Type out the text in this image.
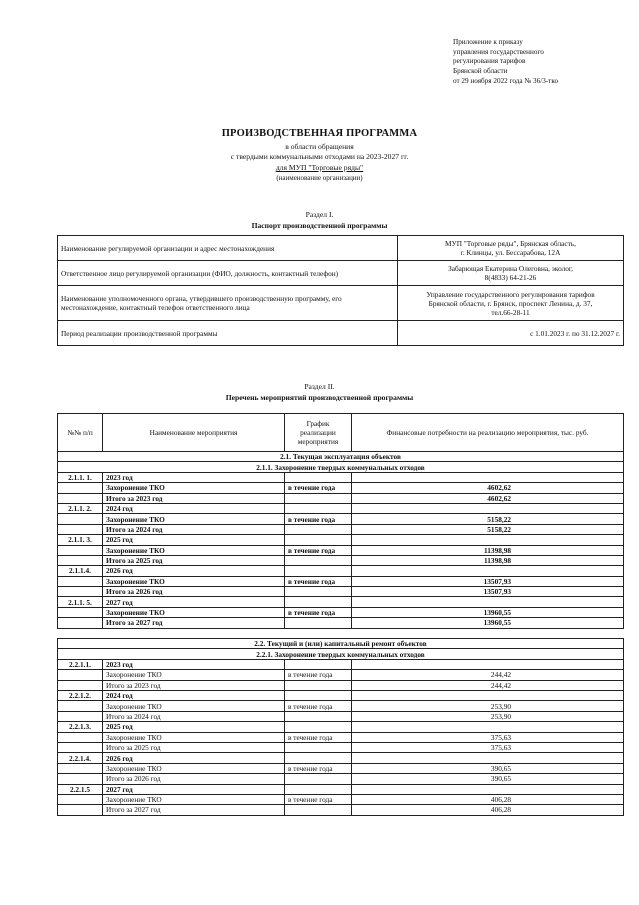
Приложение к приказу
управления государственного
регулирования тарифов
Брянской области
от 29 ноября 2022 года № 36/3-тко
ПРОИЗВОДСТВЕННАЯ ПРОГРАММА
в области обращения
с твердыми коммунальными отходами на 2023-2027 гг.
для МУП "Торговые ряды"
(наименование организации)
Раздел I.
Паспорт производственной программы
Наименование регулируемой организации и адрес местонахождения	МУП "Торговые ряды", Брянская область,
г. Клинцы, ул. Бессарабова, 12А

Ответственное лицо регулируемой организации (ФИО, должность, контактный телефон)	Забарющая Екатерина Олеговна, эколог,
8(4833) 64-21-26

Наименование уполномоченного органа, утвердившего производственную программу, его местонахождение, контактный телефон ответственного лица	Управление государственного регулирования тарифов
Брянской области, г. Брянск, проспект Ленина, д. 37,
тел.66-28-11

Период реализации производственной программы	с 1.01.2023 г. по 31.12.2027 г.
Раздел II.
Перечень мероприятий производственной программы
№№ п/п	Наименование мероприятия	График реализации мероприятия	Финансовые потребности на реализацию мероприятия, тыс. руб.
2.1. Текущая эксплуатация объектов			
2.1.1. Захоронение твердых коммунальных отходов			
2.1.1. 1.	2023 год		
	Захоронение ТКО	в течение года	4602,62
	Итого за 2023 год		4602,62
2.1.1. 2.	2024 год		
	Захоронение ТКО	в течение года	5158,22
	Итого за 2024 год		5158,22
2.1.1. 3.	2025 год		
	Захоронение ТКО	в течение года	11398,98
	Итого за 2025 год		11398,98
2.1.1.4.	2026 год		
	Захоронение ТКО	в течение года	13507,93
	Итого за 2026 год		13507,93
2.1.1. 5.	2027 год		
	Захоронение ТКО	в течение года	13960,55
	Итого за 2027 год		13960,55

2.2. Текущий и (или) капитальный ремонт объектов			
2.2.1. Захоронение твердых коммунальных отходов			
2.2.1.1.	2023 год		
	Захоронение ТКО	в течение года	244,42
	Итого за 2023 год		244,42
2.2.1.2.	2024 год		
	Захоронение ТКО	в течение года	253,90
	Итого за 2024 год		253,90
2.2.1.3.	2025 год		
	Захоронение ТКО	в течение года	375,63
	Итого за 2025 год		375,63
2.2.1.4.	2026 год		
	Захоронение ТКО	в течение года	390,65
	Итого за 2026 год		390,65
2.2.1.5	2027 год		
	Захоронение ТКО	в течение года	406,28
	Итого за 2027 год		406,28
